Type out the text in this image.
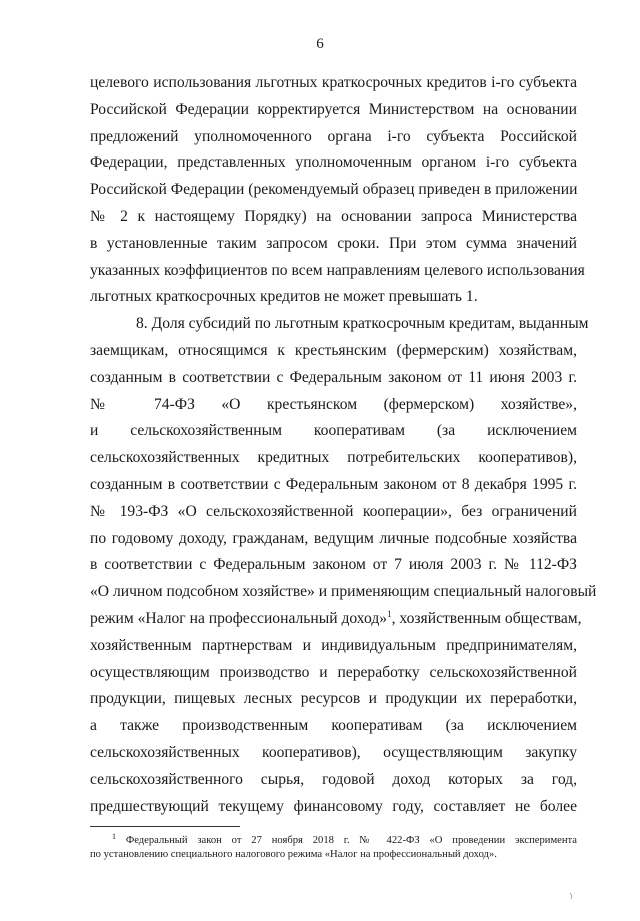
6
целевого использования льготных краткосрочных кредитов i-го субъекта
Российской Федерации корректируется Министерством на основании
предложений уполномоченного органа i-го субъекта Российской
Федерации, представленных уполномоченным органом i-го субъекта
Российской Федерации (рекомендуемый образец приведен в приложении
№ 2 к настоящему Порядку) на основании запроса Министерства
в установленные таким запросом сроки. При этом сумма значений
указанных коэффициентов по всем направлениям целевого использования
льготных краткосрочных кредитов не может превышать 1.
8. Доля субсидий по льготным краткосрочным кредитам, выданным
заемщикам, относящимся к крестьянским (фермерским) хозяйствам,
созданным в соответствии с Федеральным законом от 11 июня 2003 г.
№ 74-ФЗ «О крестьянском (фермерском) хозяйстве»,
и сельскохозяйственным кооперативам (за исключением
сельскохозяйственных кредитных потребительских кооперативов),
созданным в соответствии с Федеральным законом от 8 декабря 1995 г.
№ 193-ФЗ «О сельскохозяйственной кооперации», без ограничений
по годовому доходу, гражданам, ведущим личные подсобные хозяйства
в соответствии с Федеральным законом от 7 июля 2003 г. № 112-ФЗ
«О личном подсобном хозяйстве» и применяющим специальный налоговый
режим «Налог на профессиональный доход»$^1$, хозяйственным обществам,
хозяйственным партнерствам и индивидуальным предпринимателям,
осуществляющим производство и переработку сельскохозяйственной
продукции, пищевых лесных ресурсов и продукции их переработки,
а также производственным кооперативам (за исключением
сельскохозяйственных кооперативов), осуществляющим закупку
сельскохозяйственного сырья, годовой доход которых за год,
предшествующий текущему финансовому году, составляет не более
$^1$ Федеральный закон от 27 ноября 2018 г. № 422-ФЗ «О проведении эксперимента
по установлению специального налогового режима «Налог на профессиональный доход».
